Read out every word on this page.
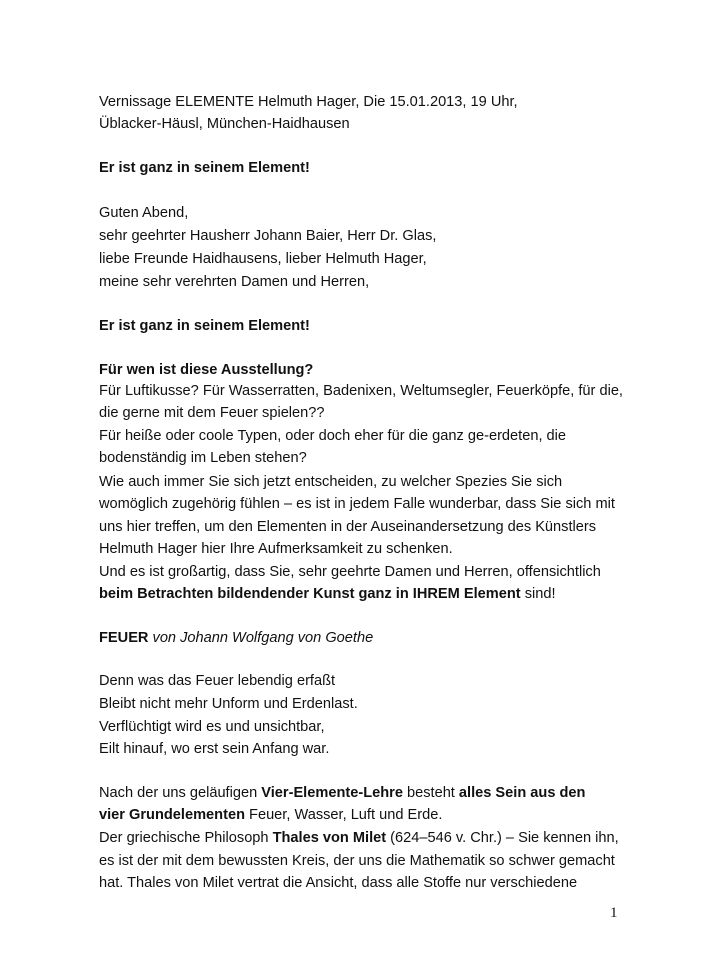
Vernissage ELEMENTE Helmuth Hager, Die 15.01.2013, 19 Uhr,
Üblacker-Häusl, München-Haidhausen
Er ist ganz in seinem Element!
Guten Abend,
sehr geehrter Hausherr Johann Baier, Herr Dr. Glas,
liebe Freunde Haidhausens, lieber Helmuth Hager,
meine sehr verehrten Damen und Herren,
Er ist ganz in seinem Element!
Für wen ist diese Ausstellung?
Für Luftikusse? Für Wasserratten, Badenixen, Weltumsegler, Feuerköpfe, für die,
die gerne mit dem Feuer spielen??
Für heiße oder coole Typen, oder doch eher für die ganz ge-erdeten, die
bodenständig im Leben stehen?
Wie auch immer Sie sich jetzt entscheiden, zu welcher Spezies Sie sich
womöglich zugehörig fühlen – es ist in jedem Falle wunderbar, dass Sie sich mit
uns hier treffen, um den Elementen in der Auseinandersetzung des Künstlers
Helmuth Hager hier Ihre Aufmerksamkeit zu schenken.
Und es ist großartig, dass Sie, sehr geehrte Damen und Herren, offensichtlich
beim Betrachten bildendender Kunst ganz in IHREM Element sind!
FEUER von Johann Wolfgang von Goethe
Denn was das Feuer lebendig erfaßt
Bleibt nicht mehr Unform und Erdenlast.
Verflüchtigt wird es und unsichtbar,
Eilt hinauf, wo erst sein Anfang war.
Nach der uns geläufigen Vier-Elemente-Lehre besteht alles Sein aus den
vier Grundelementen Feuer, Wasser, Luft und Erde.
Der griechische Philosoph Thales von Milet (624–546 v. Chr.) – Sie kennen ihn,
es ist der mit dem bewussten Kreis, der uns die Mathematik so schwer gemacht
hat. Thales von Milet vertrat die Ansicht, dass alle Stoffe nur verschiedene
1
